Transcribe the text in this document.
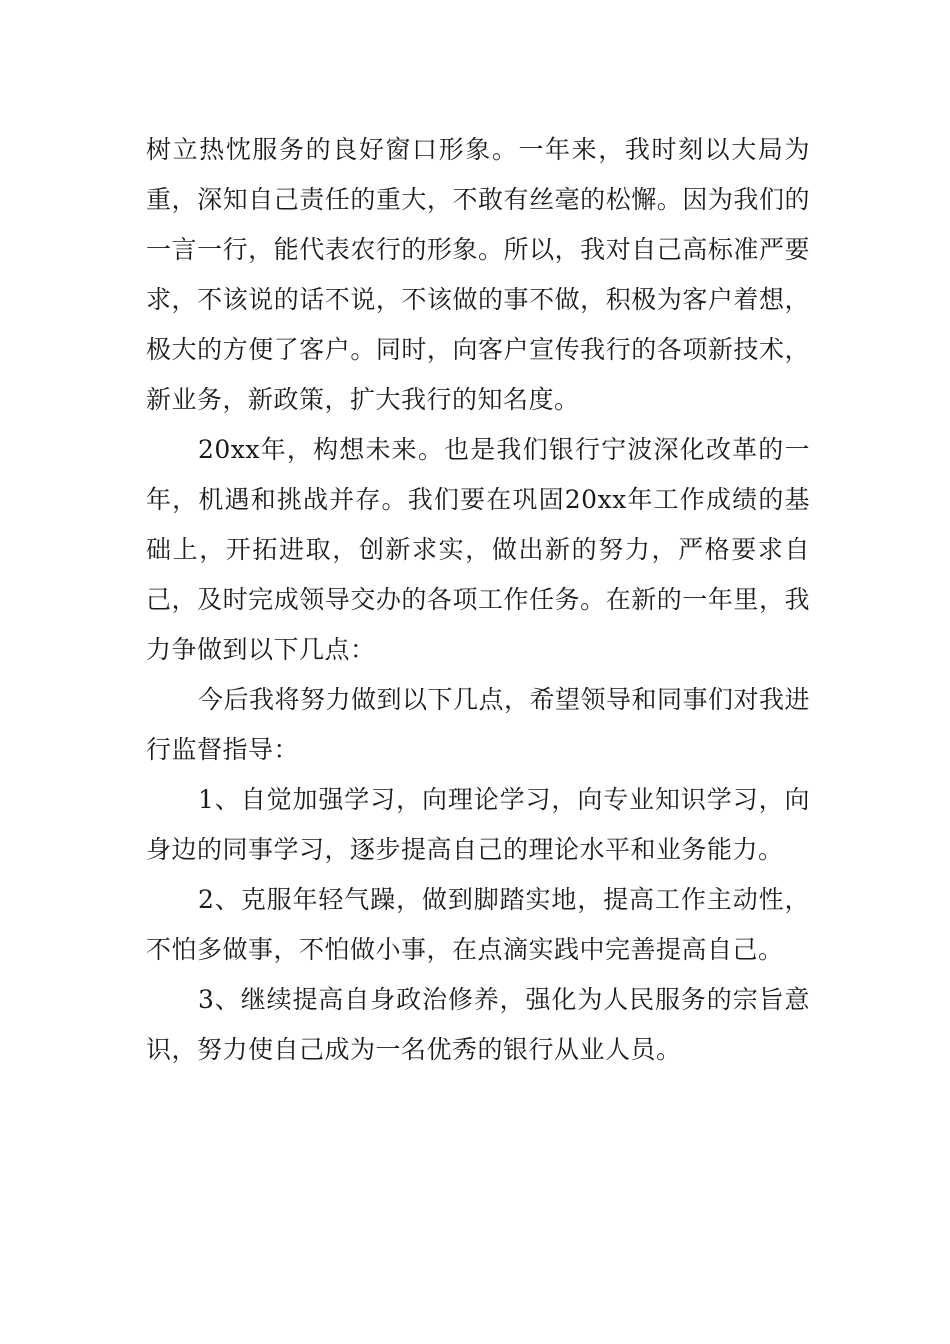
树立热忱服务的良好窗口形象。一年来，我时刻以大局为重，深知自己责任的重大，不敢有丝毫的松懈。因为我们的一言一行，能代表农行的形象。所以，我对自己高标准严要求，不该说的话不说，不该做的事不做，积极为客户着想，极大的方便了客户。同时，向客户宣传我行的各项新技术，新业务，新政策，扩大我行的知名度。

20xx年，构想未来。也是我们银行宁波深化改革的一年，机遇和挑战并存。我们要在巩固20xx年工作成绩的基础上，开拓进取，创新求实，做出新的努力，严格要求自己，及时完成领导交办的各项工作任务。在新的一年里，我力争做到以下几点：

今后我将努力做到以下几点，希望领导和同事们对我进行监督指导：

1、自觉加强学习，向理论学习，向专业知识学习，向身边的同事学习，逐步提高自己的理论水平和业务能力。

2、克服年轻气躁，做到脚踏实地，提高工作主动性，不怕多做事，不怕做小事，在点滴实践中完善提高自己。

3、继续提高自身政治修养，强化为人民服务的宗旨意识，努力使自己成为一名优秀的银行从业人员。
